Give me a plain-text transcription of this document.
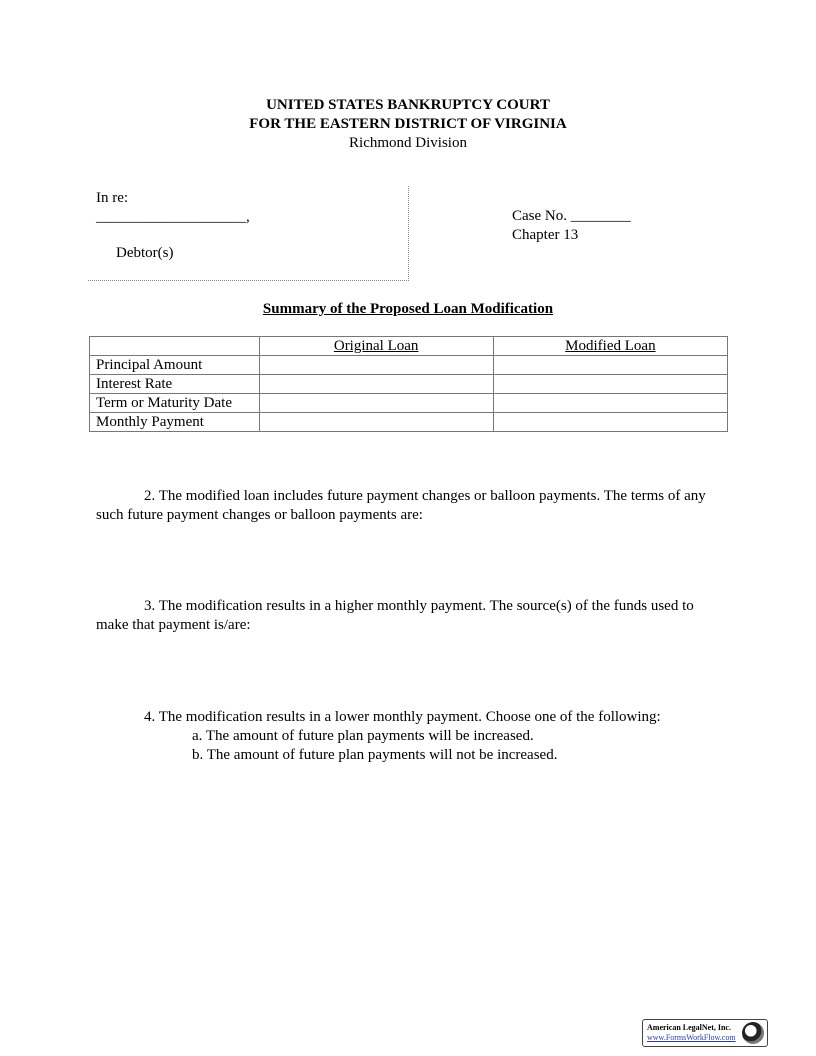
UNITED STATES BANKRUPTCY COURT
FOR THE EASTERN DISTRICT OF VIRGINIA
Richmond Division
In re:
____________________,
Debtor(s)
Case No. ________
Chapter 13
Summary of the Proposed Loan Modification
	Original Loan	Modified Loan
Principal Amount		
Interest Rate		
Term or Maturity Date		
Monthly Payment		
2. The modified loan includes future payment changes or balloon payments. The terms of any such future payment changes or balloon payments are:
3. The modification results in a higher monthly payment. The source(s) of the funds used to make that payment is/are:
4. The modification results in a lower monthly payment. Choose one of the following:
a. The amount of future plan payments will be increased.
b. The amount of future plan payments will not be increased.
American LegalNet, Inc.
www.FormsWorkFlow.com
